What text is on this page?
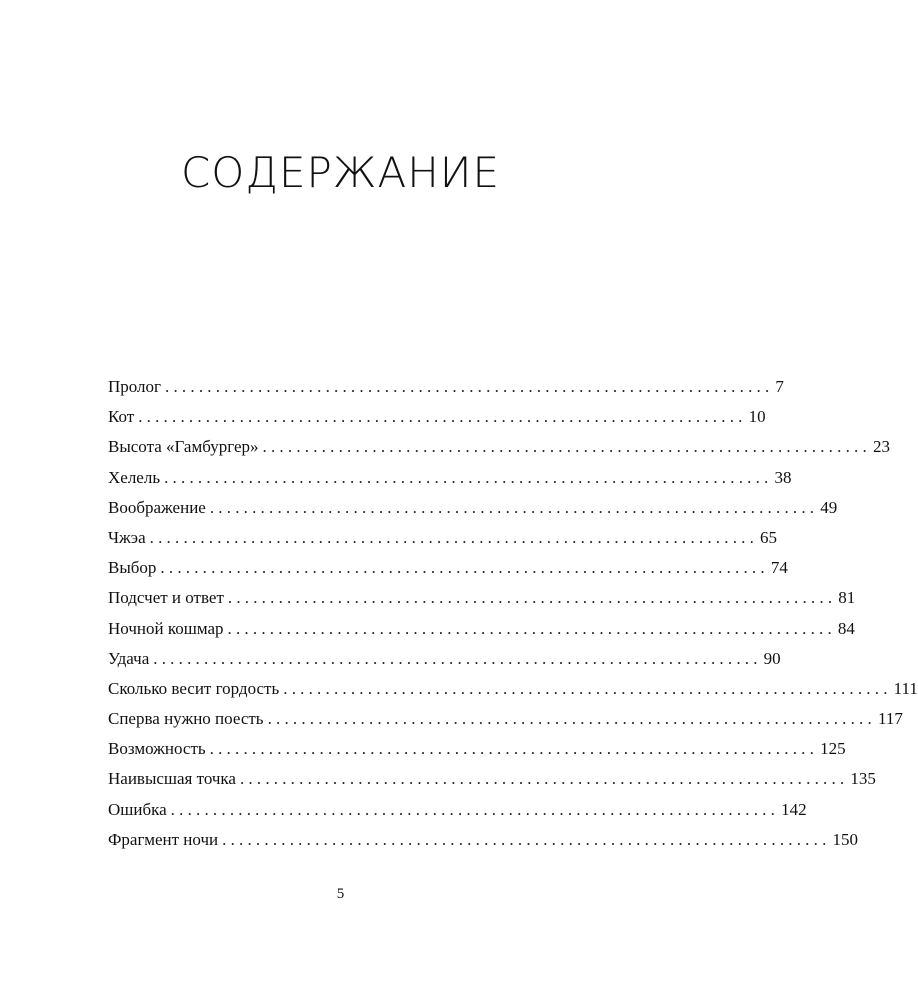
СОДЕРЖАНИЕ
Пролог ........................................................................ 7
Кот ........................................................................ 10
Высота «Гамбургер» ........................................................................ 23
Хелель ........................................................................ 38
Воображение ........................................................................ 49
Чжэа ........................................................................ 65
Выбор ........................................................................ 74
Подсчет и ответ ........................................................................ 81
Ночной кошмар ........................................................................ 84
Удача ........................................................................ 90
Сколько весит гордость ........................................................................ 111
Сперва нужно поесть ........................................................................ 117
Возможность ........................................................................ 125
Наивысшая точка ........................................................................ 135
Ошибка ........................................................................ 142
Фрагмент ночи ........................................................................ 150
5
